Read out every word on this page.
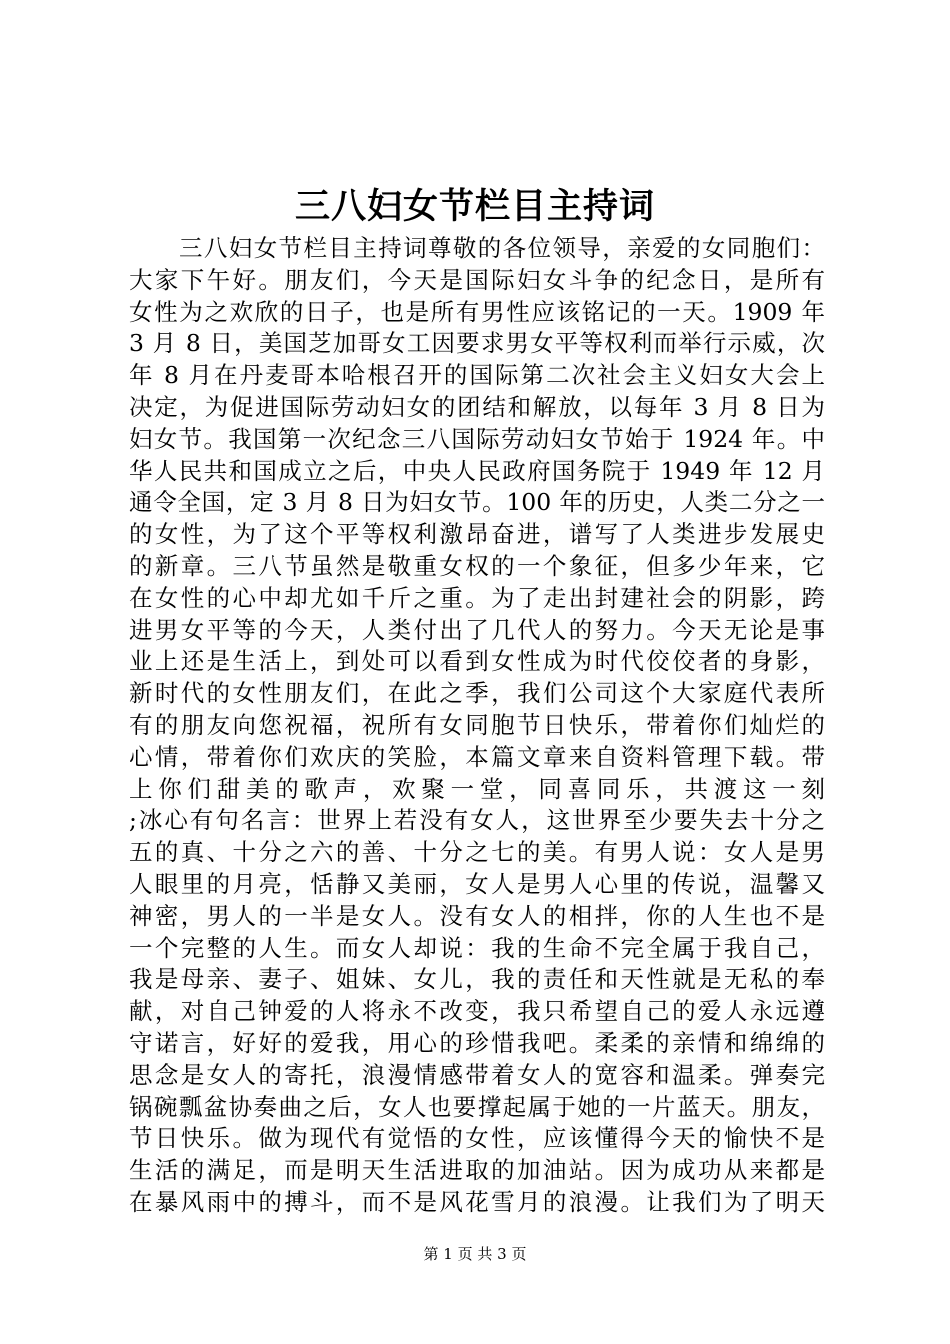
三八妇女节栏目主持词
三八妇女节栏目主持词尊敬的各位领导，亲爱的女同胞们：
大家下午好。朋友们，今天是国际妇女斗争的纪念日，是所有
女性为之欢欣的日子，也是所有男性应该铭记的一天。1909 年
3 月 8 日，美国芝加哥女工因要求男女平等权利而举行示威，次
年 8 月在丹麦哥本哈根召开的国际第二次社会主义妇女大会上
决定，为促进国际劳动妇女的团结和解放，以每年 3 月 8 日为
妇女节。我国第一次纪念三八国际劳动妇女节始于 1924 年。中
华人民共和国成立之后，中央人民政府国务院于 1949 年 12 月
通令全国，定 3 月 8 日为妇女节。100 年的历史，人类二分之一
的女性，为了这个平等权利激昂奋进，谱写了人类进步发展史
的新章。三八节虽然是敬重女权的一个象征，但多少年来，它
在女性的心中却尤如千斤之重。为了走出封建社会的阴影，跨
进男女平等的今天，人类付出了几代人的努力。今天无论是事
业上还是生活上，到处可以看到女性成为时代佼佼者的身影，
新时代的女性朋友们，在此之季，我们公司这个大家庭代表所
有的朋友向您祝福，祝所有女同胞节日快乐，带着你们灿烂的
心情，带着你们欢庆的笑脸，本篇文章来自资料管理下载。带
上你们甜美的歌声，欢聚一堂，同喜同乐，共渡这一刻
;冰心有句名言：世界上若没有女人，这世界至少要失去十分之
五的真、十分之六的善、十分之七的美。有男人说：女人是男
人眼里的月亮，恬静又美丽，女人是男人心里的传说，温馨又
神密，男人的一半是女人。没有女人的相拌，你的人生也不是
一个完整的人生。而女人却说：我的生命不完全属于我自己，
我是母亲、妻子、姐妹、女儿，我的责任和天性就是无私的奉
献，对自己钟爱的人将永不改变，我只希望自己的爱人永远遵
守诺言，好好的爱我，用心的珍惜我吧。柔柔的亲情和绵绵的
思念是女人的寄托，浪漫情感带着女人的宽容和温柔。弹奏完
锅碗瓢盆协奏曲之后，女人也要撑起属于她的一片蓝天。朋友，
节日快乐。做为现代有觉悟的女性，应该懂得今天的愉快不是
生活的满足，而是明天生活进取的加油站。因为成功从来都是
在暴风雨中的搏斗，而不是风花雪月的浪漫。让我们为了明天
第 1 页 共 3 页
